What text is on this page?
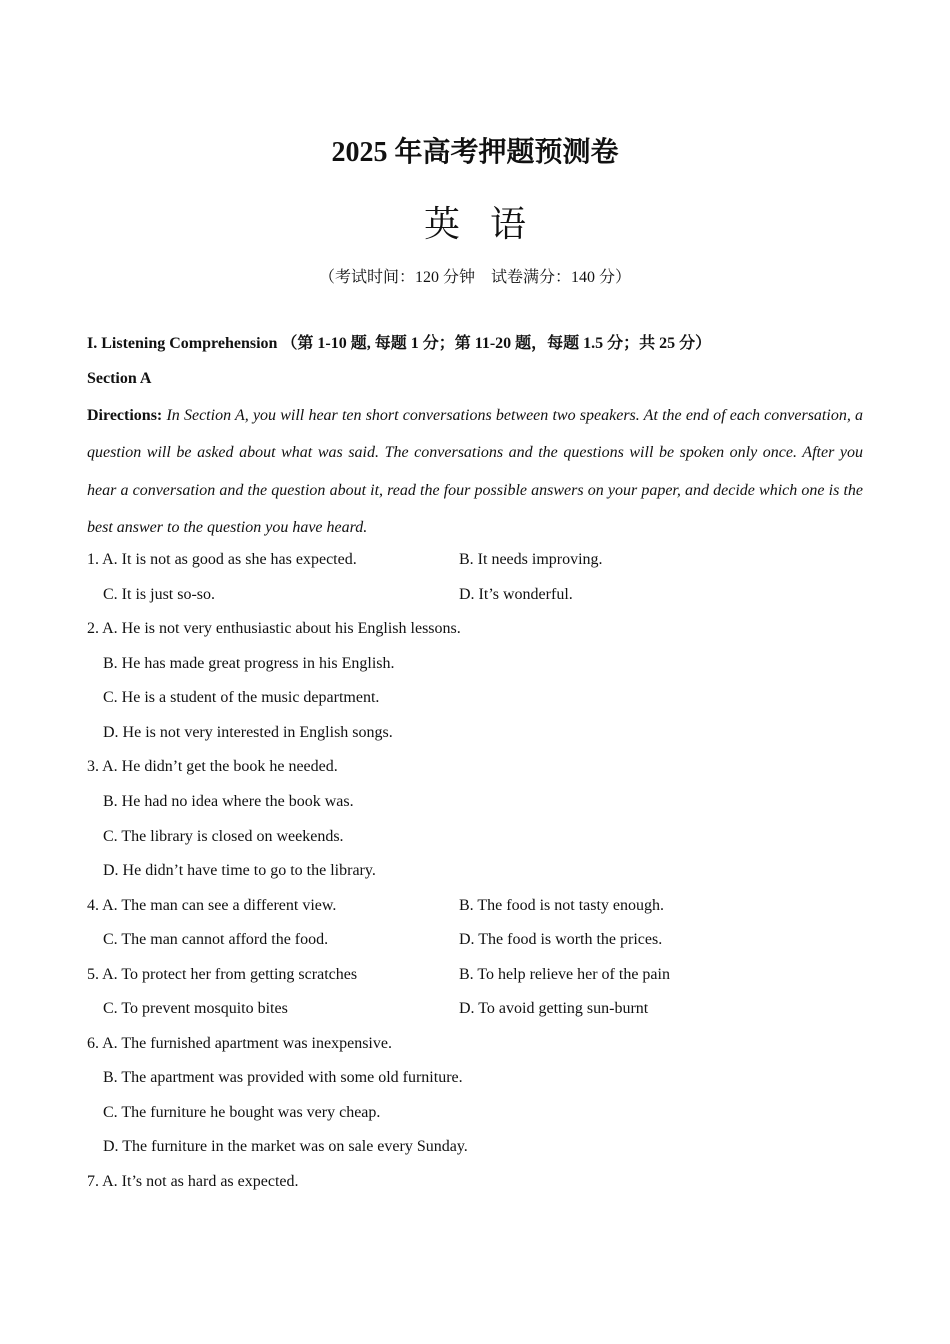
2025 年高考押题预测卷
英语
（考试时间：120 分钟　试卷满分：140 分）
I. Listening Comprehension （第 1-10 题, 每题 1 分；第 11-20 题，每题 1.5 分；共 25 分）
Section A
Directions: In Section A, you will hear ten short conversations between two speakers. At the end of each conversation, a question will be asked about what was said. The conversations and the questions will be spoken only once. After you hear a conversation and the question about it, read the four possible answers on your paper, and decide which one is the best answer to the question you have heard.
1. A. It is not as good as she has expected.	B. It needs improving.
C. It is just so-so.	D. It’s wonderful.
2. A. He is not very enthusiastic about his English lessons.
B. He has made great progress in his English.
C. He is a student of the music department.
D. He is not very interested in English songs.
3. A. He didn’t get the book he needed.
B. He had no idea where the book was.
C. The library is closed on weekends.
D. He didn’t have time to go to the library.
4. A. The man can see a different view.	B. The food is not tasty enough.
C. The man cannot afford the food.	D. The food is worth the prices.
5. A. To protect her from getting scratches	B. To help relieve her of the pain
C. To prevent mosquito bites	D. To avoid getting sun-burnt
6. A. The furnished apartment was inexpensive.
B. The apartment was provided with some old furniture.
C. The furniture he bought was very cheap.
D. The furniture in the market was on sale every Sunday.
7. A. It’s not as hard as expected.
